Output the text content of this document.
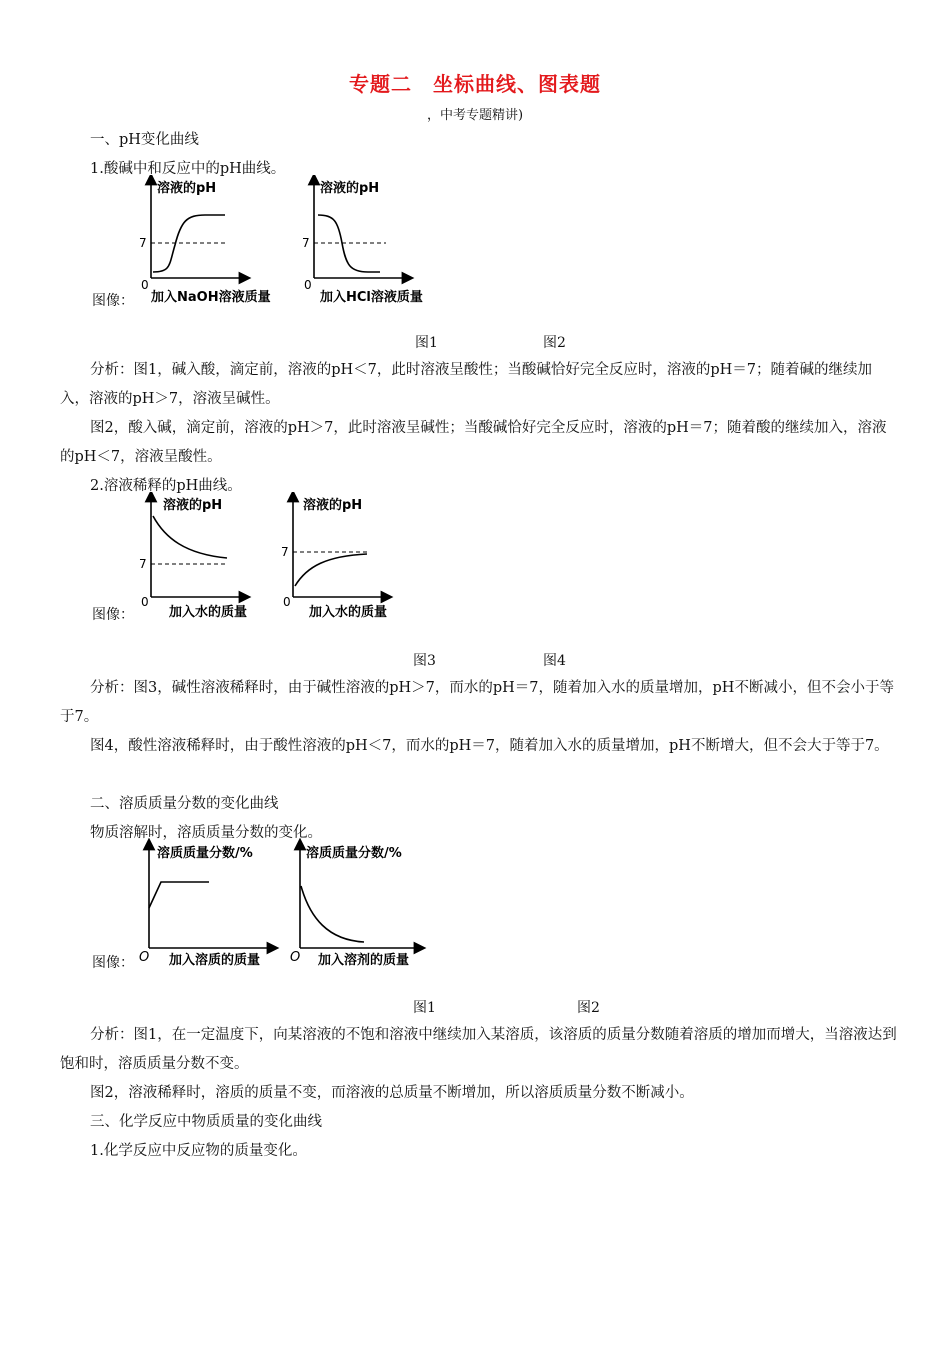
专题二　坐标曲线、图表题
，中考专题精讲)
一、pH变化曲线
1.酸碱中和反应中的pH曲线。
图像：
溶液的pH
7
0
加入NaOH溶液质量
溶液的pH
7
0
加入HCl溶液质量
图1	图2
分析：图1，碱入酸，滴定前，溶液的pH＜7，此时溶液呈酸性；当酸碱恰好完全反应时，溶液的pH＝7；随着碱的继续加入，溶液的pH＞7，溶液呈碱性。
图2，酸入碱，滴定前，溶液的pH＞7，此时溶液呈碱性；当酸碱恰好完全反应时，溶液的pH＝7；随着酸的继续加入，溶液的pH＜7，溶液呈酸性。
2.溶液稀释的pH曲线。
图像：
溶液的pH
7
0
加入水的质量
溶液的pH
7
0
加入水的质量
图3	图4
分析：图3，碱性溶液稀释时，由于碱性溶液的pH＞7，而水的pH＝7，随着加入水的质量增加，pH不断减小，但不会小于等于7。
图4，酸性溶液稀释时，由于酸性溶液的pH＜7，而水的pH＝7，随着加入水的质量增加，pH不断增大，但不会大于等于7。
二、溶质质量分数的变化曲线
物质溶解时，溶质质量分数的变化。
图像：
溶质质量分数/%
O 加入溶质的质量
溶质质量分数/%
O 加入溶剂的质量
图1	图2
分析：图1，在一定温度下，向某溶液的不饱和溶液中继续加入某溶质，该溶质的质量分数随着溶质的增加而增大，当溶液达到饱和时，溶质质量分数不变。
图2，溶液稀释时，溶质的质量不变，而溶液的总质量不断增加，所以溶质质量分数不断减小。
三、化学反应中物质质量的变化曲线
1.化学反应中反应物的质量变化。
